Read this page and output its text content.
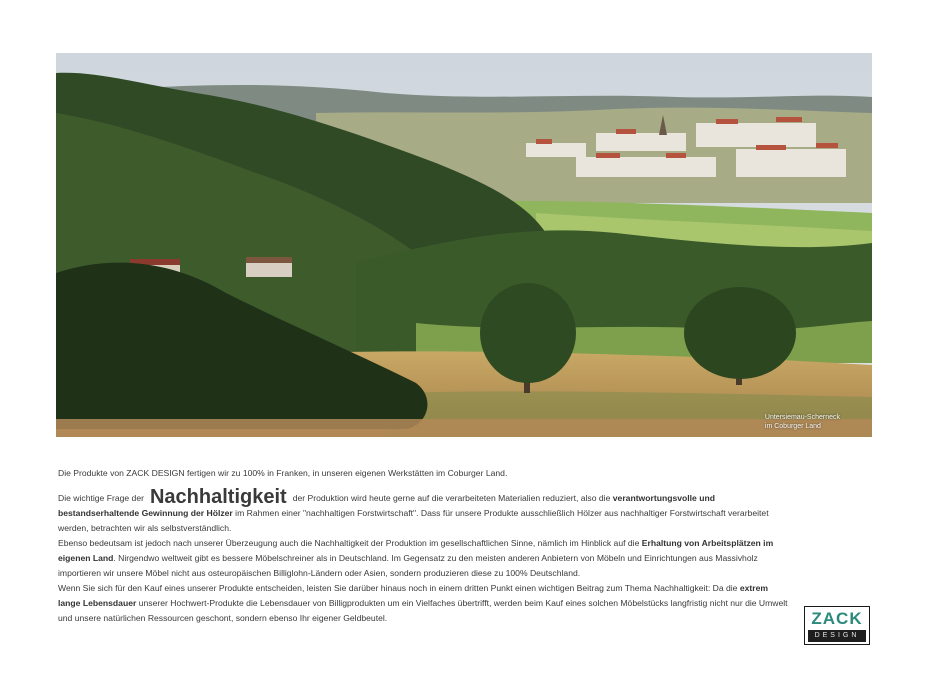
Untersiemau-Scherneck
im Coburger Land

Die Produkte von ZACK DESIGN fertigen wir zu 100% in Franken, in unseren eigenen Werkstätten im Coburger Land.

Die wichtige Frage der Nachhaltigkeit der Produktion wird heute gerne auf die verarbeiteten Materialien reduziert, also die verantwortungsvolle und bestandserhaltende Gewinnung der Hölzer im Rahmen einer "nachhaltigen Forstwirtschaft". Dass für unsere Produkte ausschließlich Hölzer aus nachhaltiger Forstwirtschaft verarbeitet werden, betrachten wir als selbstverständlich.

Ebenso bedeutsam ist jedoch nach unserer Überzeugung auch die Nachhaltigkeit der Produktion im gesellschaftlichen Sinne, nämlich im Hinblick auf die Erhaltung von Arbeitsplätzen im eigenen Land. Nirgendwo weltweit gibt es bessere Möbelschreiner als in Deutschland. Im Gegensatz zu den meisten anderen Anbietern von Möbeln und Einrichtungen aus Massivholz importieren wir unsere Möbel nicht aus osteuropäischen Billiglohn-Ländern oder Asien, sondern produzieren diese zu 100% Deutschland.

Wenn Sie sich für den Kauf eines unserer Produkte entscheiden, leisten Sie darüber hinaus noch in einem dritten Punkt einen wichtigen Beitrag zum Thema Nachhaltigkeit: Da die extrem lange Lebensdauer unserer Hochwert-Produkte die Lebensdauer von Billigprodukten um ein Vielfaches übertrifft, werden beim Kauf eines solchen Möbelstücks langfristig nicht nur die Umwelt und unsere natürlichen Ressourcen geschont, sondern ebenso Ihr eigener Geldbeutel.	ZACK
DESIGN
